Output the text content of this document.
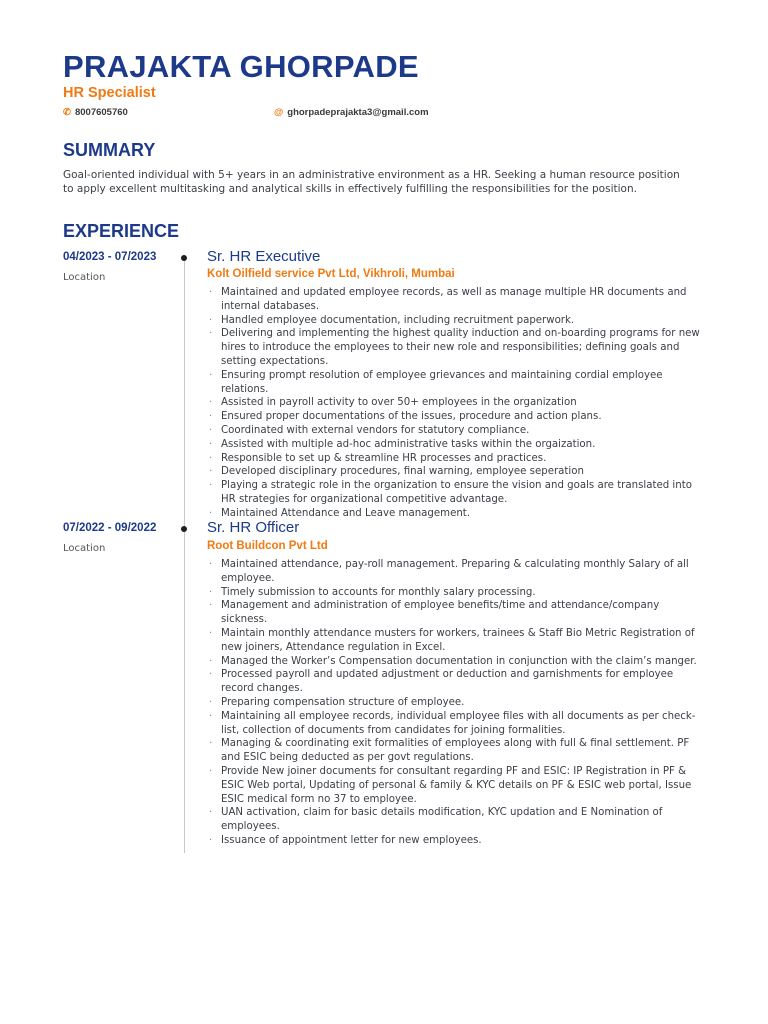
PRAJAKTA GHORPADE
HR Specialist
✆ 8007605760	@ ghorpadeprajakta3@gmail.com
SUMMARY
Goal-oriented individual with 5+ years in an administrative environment as a HR. Seeking a human resource position to apply excellent multitasking and analytical skills in effectively fulfilling the responsibilities for the position.
EXPERIENCE
04/2023 - 07/2023
Location
Sr. HR Executive
Kolt Oilfield service Pvt Ltd, Vikhroli, Mumbai
· Maintained and updated employee records, as well as manage multiple HR documents and internal databases.
· Handled employee documentation, including recruitment paperwork.
· Delivering and implementing the highest quality induction and on-boarding programs for new hires to introduce the employees to their new role and responsibilities; defining goals and setting expectations.
· Ensuring prompt resolution of employee grievances and maintaining cordial employee relations.
· Assisted in payroll activity to over 50+ employees in the organization
· Ensured proper documentations of the issues, procedure and action plans.
· Coordinated with external vendors for statutory compliance.
· Assisted with multiple ad-hoc administrative tasks within the orgaization.
· Responsible to set up & streamline HR processes and practices.
· Developed disciplinary procedures, final warning, employee seperation
· Playing a strategic role in the organization to ensure the vision and goals are translated into HR strategies for organizational competitive advantage.
· Maintained Attendance and Leave management.
07/2022 - 09/2022
Location
Sr. HR Officer
Root Buildcon Pvt Ltd
· Maintained attendance, pay-roll management. Preparing & calculating monthly Salary of all employee.
· Timely submission to accounts for monthly salary processing.
· Management and administration of employee benefits/time and attendance/company sickness.
· Maintain monthly attendance musters for workers, trainees & Staff Bio Metric Registration of new joiners, Attendance regulation in Excel.
· Managed the Worker’s Compensation documentation in conjunction with the claim’s manger.
· Processed payroll and updated adjustment or deduction and garnishments for employee record changes.
· Preparing compensation structure of employee.
· Maintaining all employee records, individual employee files with all documents as per check-list, collection of documents from candidates for joining formalities.
· Managing & coordinating exit formalities of employees along with full & final settlement. PF and ESIC being deducted as per govt regulations.
· Provide New joiner documents for consultant regarding PF and ESIC: IP Registration in PF & ESIC Web portal, Updating of personal & family & KYC details on PF & ESIC web portal, Issue ESIC medical form no 37 to employee.
· UAN activation, claim for basic details modification, KYC updation and E Nomination of employees.
· Issuance of appointment letter for new employees.
